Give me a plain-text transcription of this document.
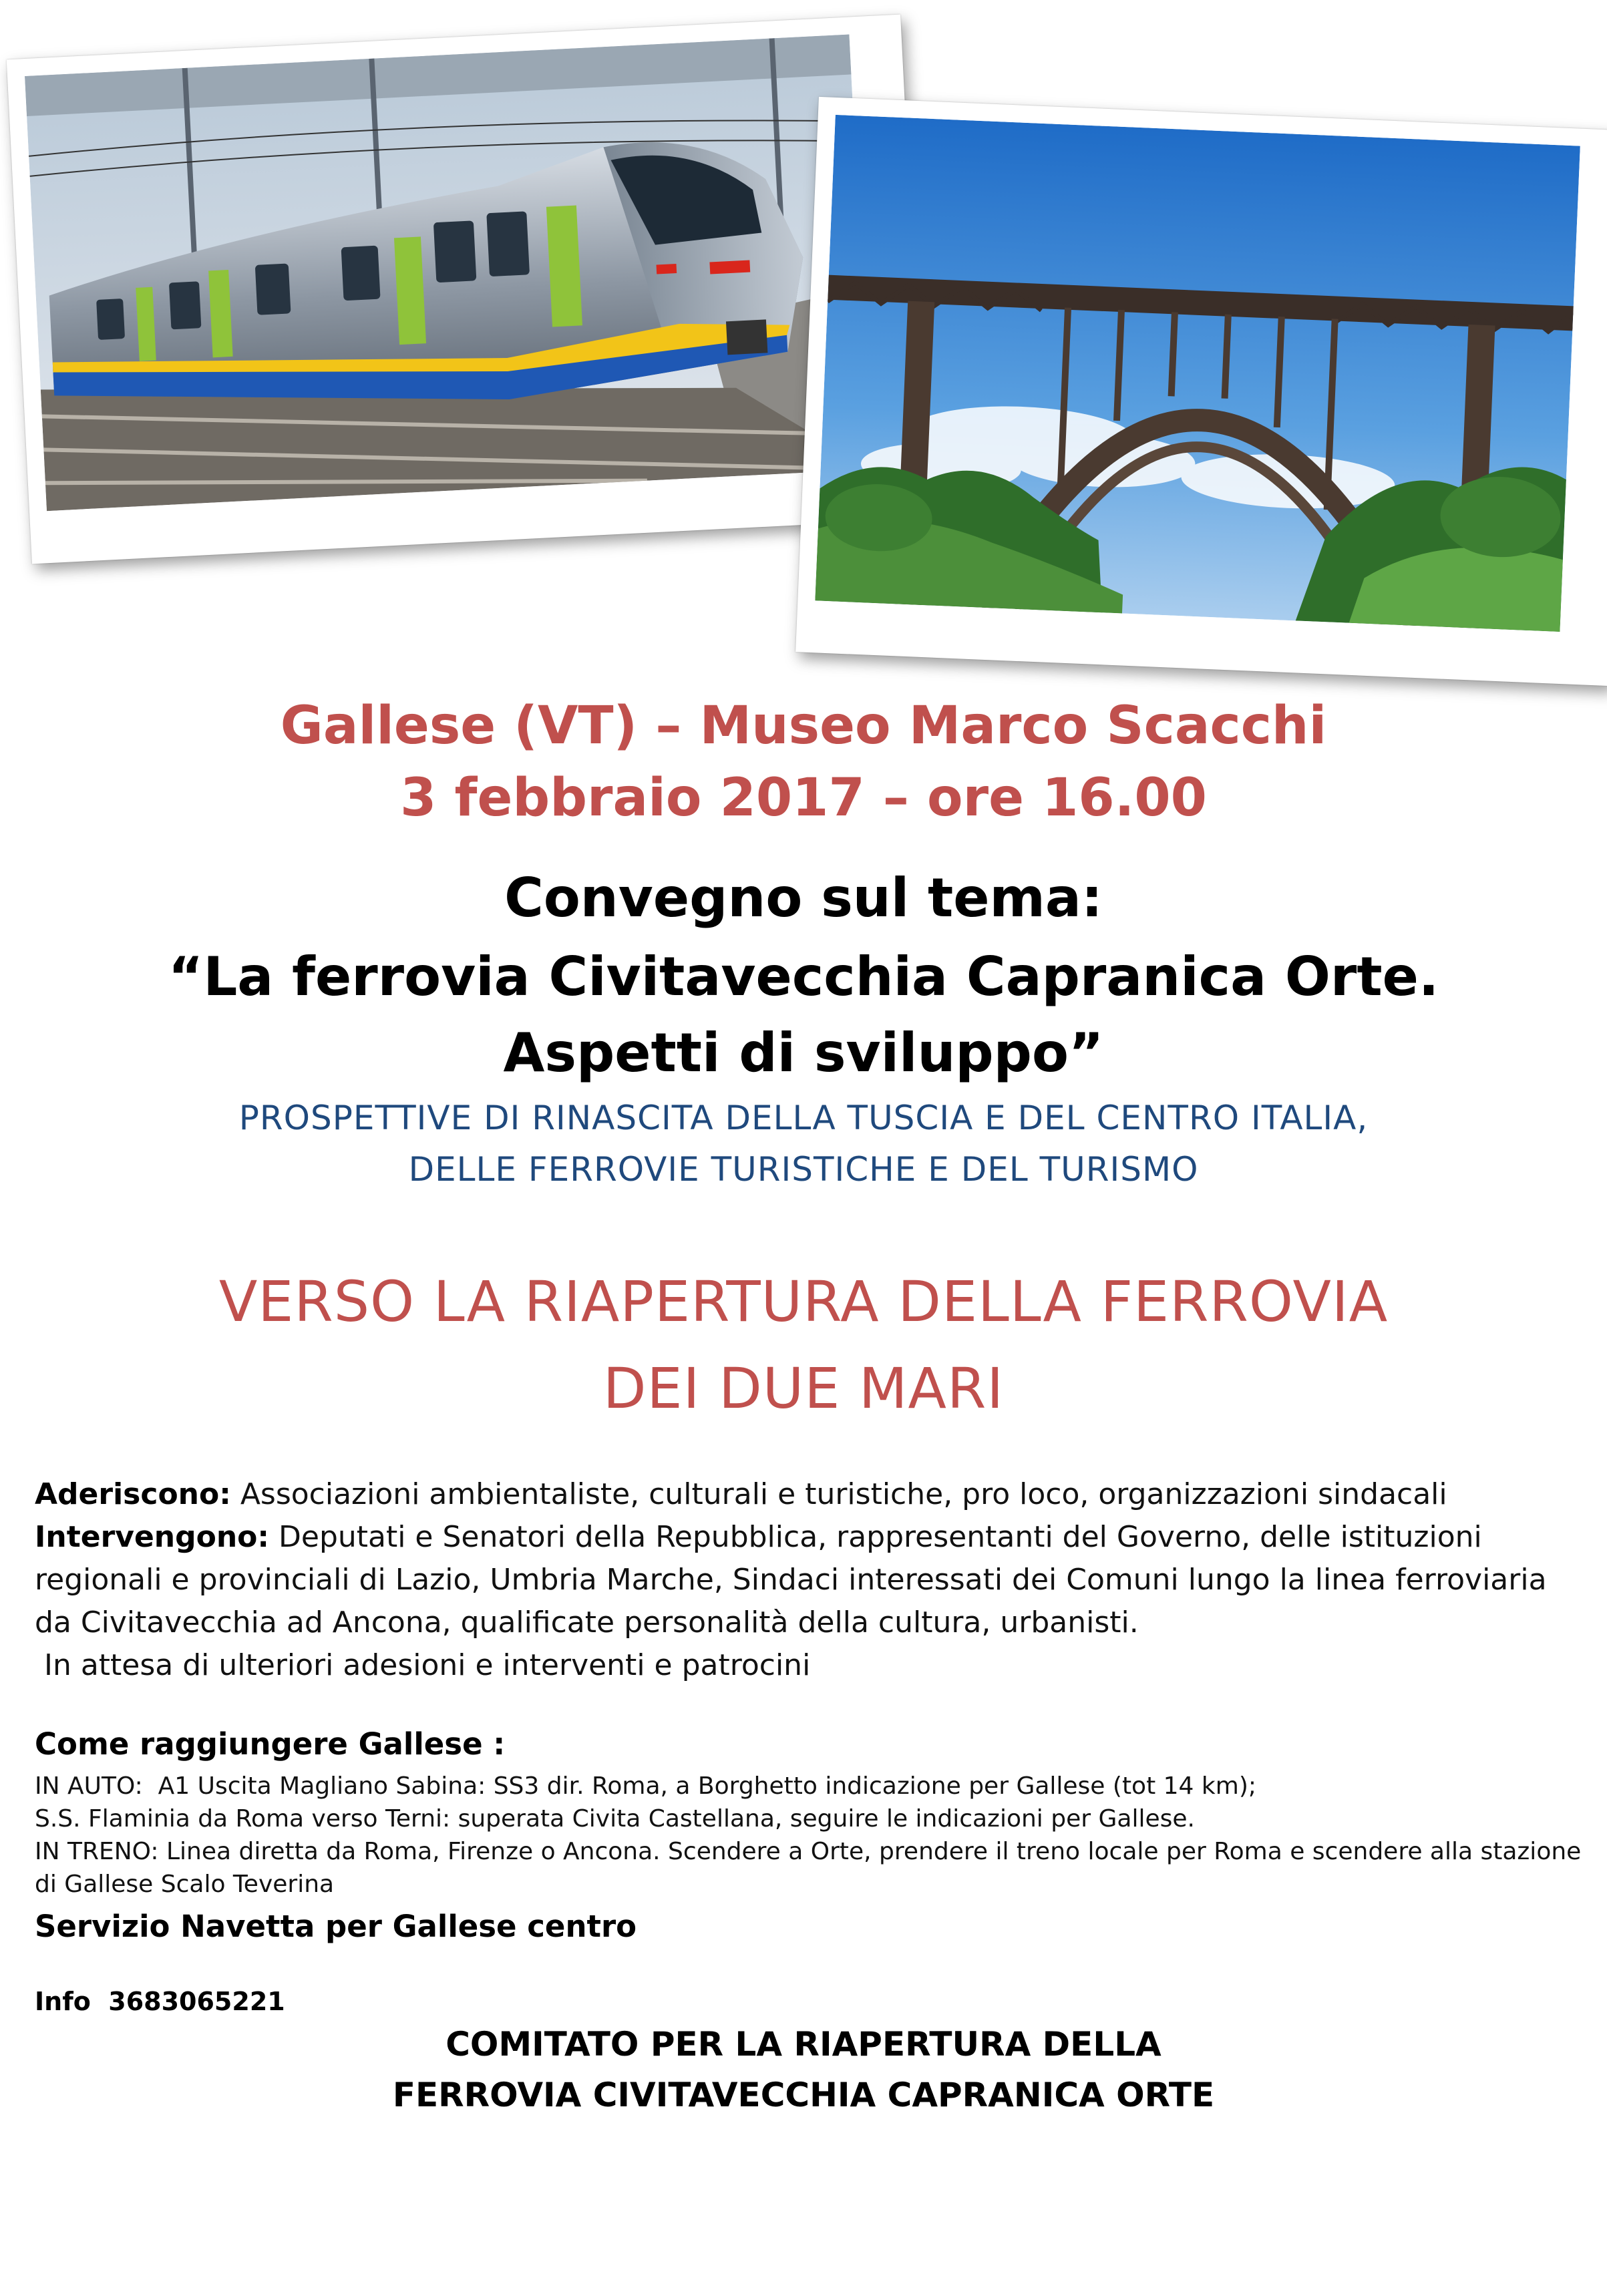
Gallese (VT) – Museo Marco Scacchi
3 febbraio 2017 – ore 16.00
Convegno sul tema:
“La ferrovia Civitavecchia Capranica Orte.
Aspetti di sviluppo”
PROSPETTIVE DI RINASCITA DELLA TUSCIA E DEL CENTRO ITALIA,
DELLE FERROVIE TURISTICHE E DEL TURISMO
VERSO LA RIAPERTURA DELLA FERROVIA
DEI DUE MARI
Aderiscono: Associazioni ambientaliste, culturali e turistiche, pro loco, organizzazioni sindacali
Intervengono: Deputati e Senatori della Repubblica, rappresentanti del Governo, delle istituzioni regionali e provinciali di Lazio, Umbria Marche, Sindaci interessati dei Comuni lungo la linea ferroviaria da Civitavecchia ad Ancona, qualificate personalità della cultura, urbanisti.
In attesa di ulteriori adesioni e interventi e patrocini
Come raggiungere Gallese :
IN AUTO:  A1 Uscita Magliano Sabina: SS3 dir. Roma, a Borghetto indicazione per Gallese (tot 14 km);
S.S. Flaminia da Roma verso Terni: superata Civita Castellana, seguire le indicazioni per Gallese.
IN TRENO: Linea diretta da Roma, Firenze o Ancona. Scendere a Orte, prendere il treno locale per Roma e scendere alla stazione di Gallese Scalo Teverina
Servizio Navetta per Gallese centro
Info  3683065221
COMITATO PER LA RIAPERTURA DELLA
FERROVIA CIVITAVECCHIA CAPRANICA ORTE
